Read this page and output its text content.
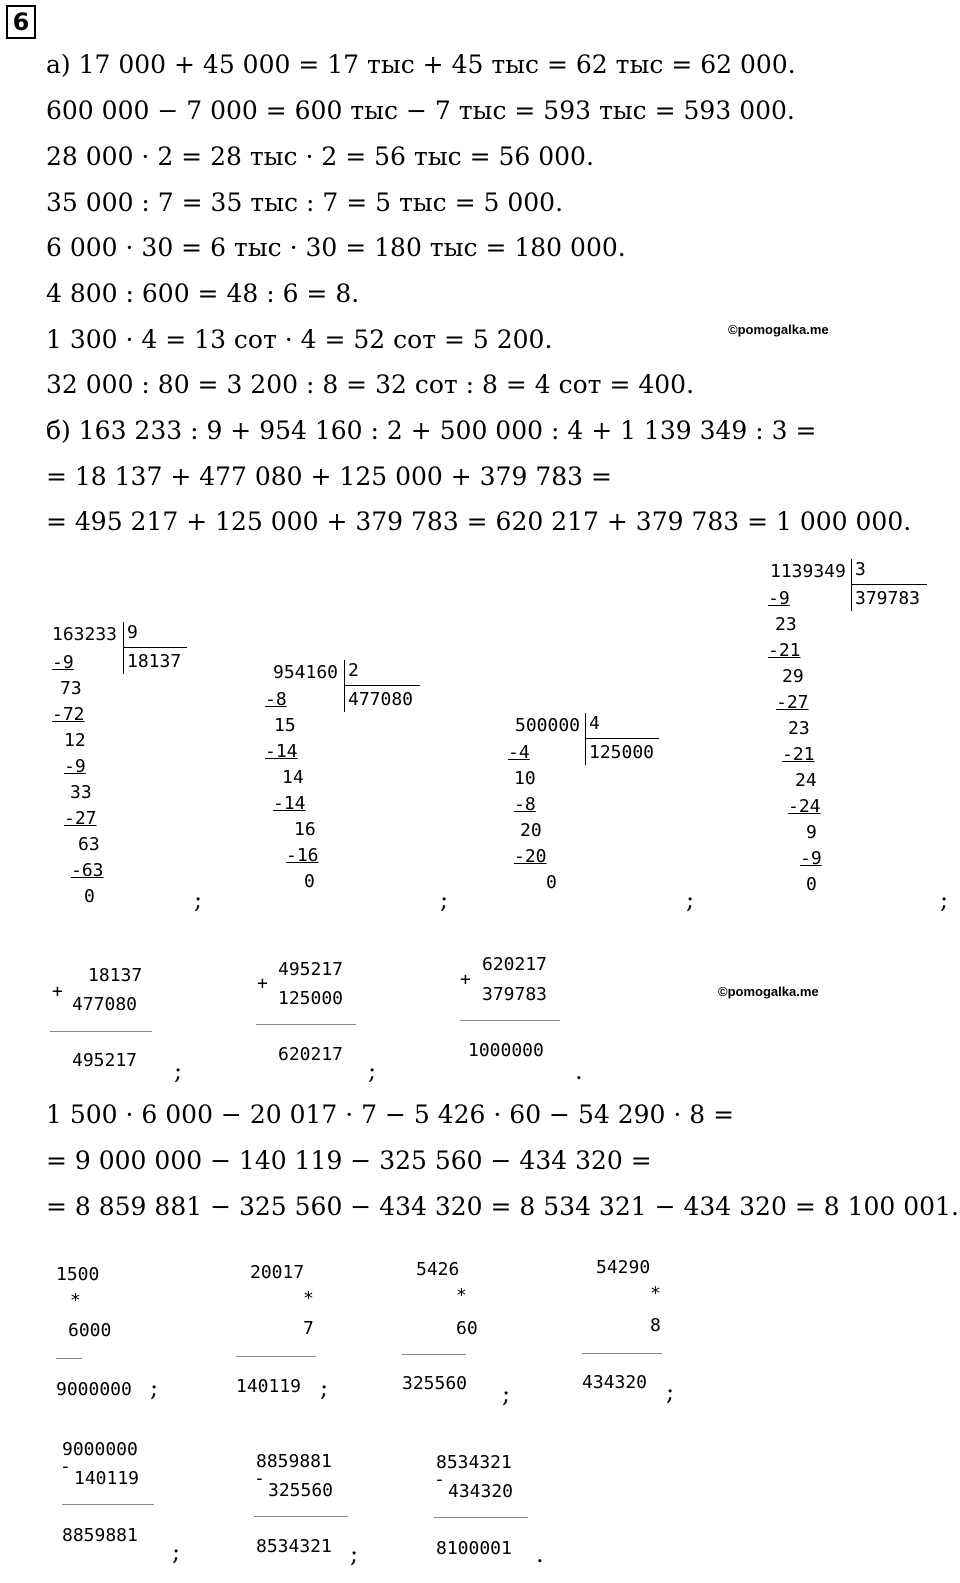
6
а) 17 000 + 45 000 = 17 тыс + 45 тыс = 62 тыс = 62 000.
600 000 − 7 000 = 600 тыс − 7 тыс = 593 тыс = 593 000.
28 000 · 2 = 28 тыс · 2 = 56 тыс = 56 000.
35 000 : 7 = 35 тыс : 7 = 5 тыс = 5 000.
6 000 · 30 = 6 тыс · 30 = 180 тыс = 180 000.
4 800 : 600 = 48 : 6 = 8.
1 300 · 4 = 13 сот · 4 = 52 сот = 5 200.	©pomogalka.me
32 000 : 80 = 3 200 : 8 = 32 сот : 8 = 4 сот = 400.
б) 163 233 : 9 + 954 160 : 2 + 500 000 : 4 + 1 139 349 : 3 =
= 18 137 + 477 080 + 125 000 + 379 783 =
= 495 217 + 125 000 + 379 783 = 620 217 + 379 783 = 1 000 000.
163233 9
18137
-9
73
-72
12
-9
33
-27
63
-63
0	;
954160 2
477080
-8
15
-14
14
-14
16
-16
0
;
500000 4
125000
-4
10
-8
20
-20
0
;
1139349 3
379783
-9
23
-21
29
-27
23
-21
24
-24
9
-9
0
;
18137
+
477080
495217 ;
495217
+
125000
620217
;
620217
+
379783
1000000
.
©pomogalka.me
1 500 · 6 000 − 20 017 · 7 − 5 426 · 60 − 54 290 · 8 =
= 9 000 000 − 140 119 − 325 560 − 434 320 =
= 8 859 881 − 325 560 − 434 320 = 8 534 321 − 434 320 = 8 100 001.
1500
*
6000
9000000 ;
20017
*
7
140119 ;
5426
*
60
325560 ;
54290
*
8
434320 ;
9000000
-
140119
8859881
;
8859881
-
325560
8534321 ;
8534321
-
434320
8100001 .
